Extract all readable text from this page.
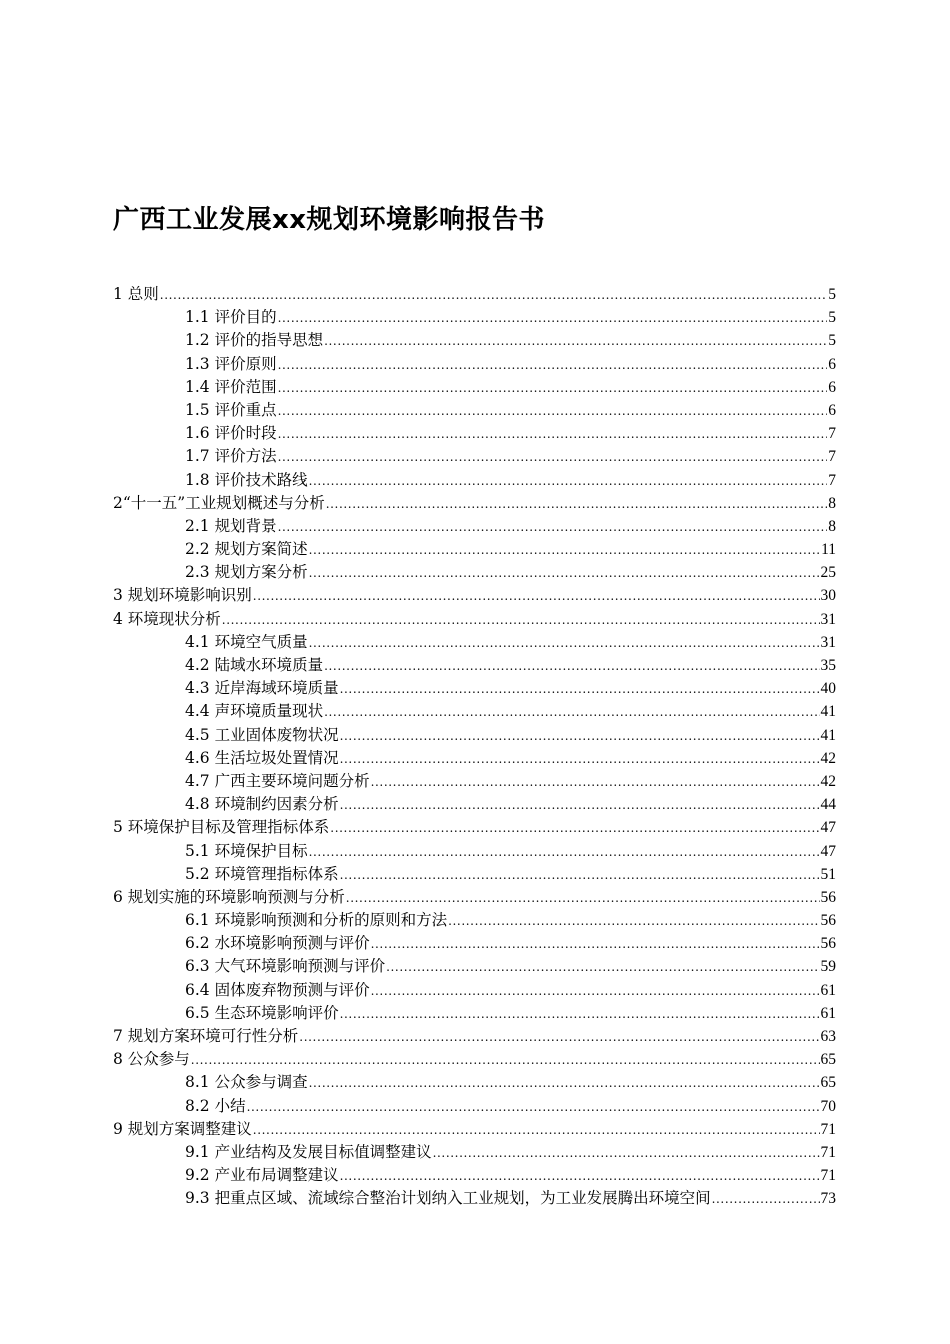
广西工业发展xx规划环境影响报告书
1 总则 .....	5
1.1 评价目的 .....	5
1.2 评价的指导思想 .....	5
1.3 评价原则 .....	6
1.4 评价范围 .....	6
1.5 评价重点 .....	6
1.6 评价时段 .....	7
1.7 评价方法 .....	7
1.8 评价技术路线 .....	7
2“十一五”工业规划概述与分析 .....	8
2.1 规划背景 .....	8
2.2 规划方案简述 .....	11
2.3 规划方案分析 .....	25
3 规划环境影响识别 .....	30
4 环境现状分析 .....	31
4.1 环境空气质量 .....	31
4.2 陆域水环境质量 .....	35
4.3 近岸海域环境质量 .....	40
4.4 声环境质量现状 .....	41
4.5 工业固体废物状况 .....	41
4.6 生活垃圾处置情况 .....	42
4.7 广西主要环境问题分析 .....	42
4.8 环境制约因素分析 .....	44
5 环境保护目标及管理指标体系 .....	47
5.1 环境保护目标 .....	47
5.2 环境管理指标体系 .....	51
6 规划实施的环境影响预测与分析 .....	56
6.1 环境影响预测和分析的原则和方法 .....	56
6.2 水环境影响预测与评价 .....	56
6.3 大气环境影响预测与评价 .....	59
6.4 固体废弃物预测与评价 .....	61
6.5 生态环境影响评价 .....	61
7 规划方案环境可行性分析 .....	63
8 公众参与 .....	65
8.1 公众参与调查 .....	65
8.2 小结 .....	70
9 规划方案调整建议 .....	71
9.1 产业结构及发展目标值调整建议 .....	71
9.2 产业布局调整建议 .....	71
9.3 把重点区域、流域综合整治计划纳入工业规划，为工业发展腾出环境空间 .....	73
